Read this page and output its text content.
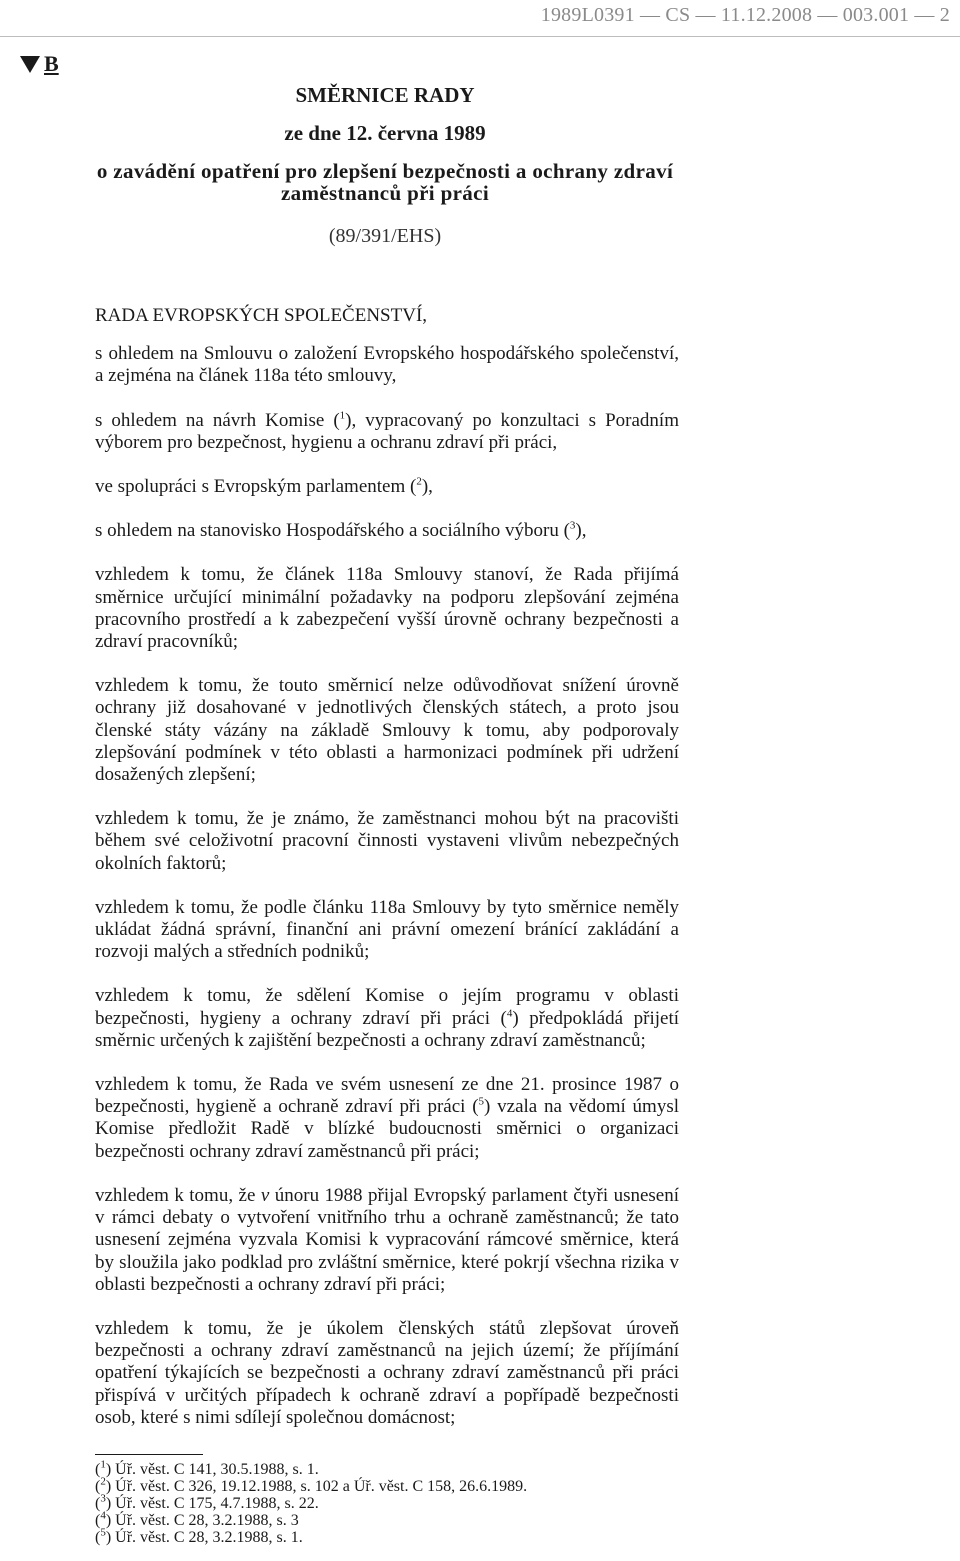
1989L0391 — CS — 11.12.2008 — 003.001 — 2
B
SMĚRNICE RADY
ze dne 12. června 1989
o zavádění opatření pro zlepšení bezpečnosti a ochrany zdraví
zaměstnanců při práci
(89/391/EHS)

RADA EVROPSKÝCH SPOLEČENSTVÍ,

s ohledem na Smlouvu o založení Evropského hospodářského společenství, a zejména na článek 118a této smlouvy,

s ohledem na návrh Komise ($^1$), vypracovaný po konzultaci s Poradním výborem pro bezpečnost, hygienu a ochranu zdraví při práci,

ve spolupráci s Evropským parlamentem ($^2$),

s ohledem na stanovisko Hospodářského a sociálního výboru ($^3$),

vzhledem k tomu, že článek 118a Smlouvy stanoví, že Rada přijímá směrnice určující minimální požadavky na podporu zlepšování zejména pracovního prostředí a k zabezpečení vyšší úrovně ochrany bezpečnosti a zdraví pracovníků;

vzhledem k tomu, že touto směrnicí nelze odůvodňovat snížení úrovně ochrany již dosahované v jednotlivých členských státech, a proto jsou členské státy vázány na základě Smlouvy k tomu, aby podporovaly zlepšování podmínek v této oblasti a harmonizaci podmínek při udržení dosažených zlepšení;

vzhledem k tomu, že je známo, že zaměstnanci mohou být na pracovišti během své celoživotní pracovní činnosti vystaveni vlivům nebezpečných okolních faktorů;

vzhledem k tomu, že podle článku 118a Smlouvy by tyto směrnice neměly ukládat žádná správní, finanční ani právní omezení bránící zakládání a rozvoji malých a středních podniků;

vzhledem k tomu, že sdělení Komise o jejím programu v oblasti bezpečnosti, hygieny a ochrany zdraví při práci ($^4$) předpokládá přijetí směrnic určených k zajištění bezpečnosti a ochrany zdraví zaměstnanců;

vzhledem k tomu, že Rada ve svém usnesení ze dne 21. prosince 1987 o bezpečnosti, hygieně a ochraně zdraví při práci ($^5$) vzala na vědomí úmysl Komise předložit Radě v blízké budoucnosti směrnici o organizaci bezpečnosti ochrany zdraví zaměstnanců při práci;

vzhledem k tomu, že v únoru 1988 přijal Evropský parlament čtyři usnesení v rámci debaty o vytvoření vnitřního trhu a ochraně zaměstnanců; že tato usnesení zejména vyzvala Komisi k vypracování rámcové směrnice, která by sloužila jako podklad pro zvláštní směrnice, které pokrjí všechna rizika v oblasti bezpečnosti a ochrany zdraví při práci;

vzhledem k tomu, že je úkolem členských států zlepšovat úroveň bezpečnosti a ochrany zdraví zaměstnanců na jejich území; že příjímání opatření týkajících se bezpečnosti a ochrany zdraví zaměstnanců při práci přispívá v určitých případech k ochraně zdraví a popřípadě bezpečnosti osob, které s nimi sdílejí společnou domácnost;

($^1$) Úř. věst. C 141, 30.5.1988, s. 1.
($^2$) Úř. věst. C 326, 19.12.1988, s. 102 a Úř. věst. C 158, 26.6.1989.
($^3$) Úř. věst. C 175, 4.7.1988, s. 22.
($^4$) Úř. věst. C 28, 3.2.1988, s. 3
($^5$) Úř. věst. C 28, 3.2.1988, s. 1.
